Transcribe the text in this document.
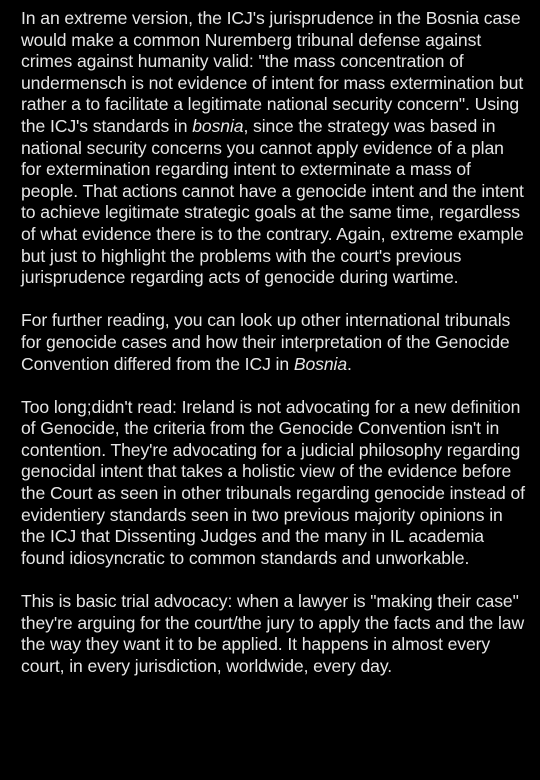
In an extreme version, the ICJ's jurisprudence in the Bosnia case would make a common Nuremberg tribunal defense against crimes against humanity valid: "the mass concentration of undermensch is not evidence of intent for mass extermination but rather a to facilitate a legitimate national security concern". Using the ICJ's standards in bosnia, since the strategy was based in national security concerns you cannot apply evidence of a plan for extermination regarding intent to exterminate a mass of people. That actions cannot have a genocide intent and the intent to achieve legitimate strategic goals at the same time, regardless of what evidence there is to the contrary. Again, extreme example but just to highlight the problems with the court's previous jurisprudence regarding acts of genocide during wartime.

For further reading, you can look up other international tribunals for genocide cases and how their interpretation of the Genocide Convention differed from the ICJ in Bosnia.

Too long;didn't read: Ireland is not advocating for a new definition of Genocide, the criteria from the Genocide Convention isn't in contention. They're advocating for a judicial philosophy regarding genocidal intent that takes a holistic view of the evidence before the Court as seen in other tribunals regarding genocide instead of evidentiery standards seen in two previous majority opinions in the ICJ that Dissenting Judges and the many in IL academia found idiosyncratic to common standards and unworkable.

This is basic trial advocacy: when a lawyer is "making their case" they're arguing for the court/the jury to apply the facts and the law the way they want it to be applied. It happens in almost every court, in every jurisdiction, worldwide, every day.
